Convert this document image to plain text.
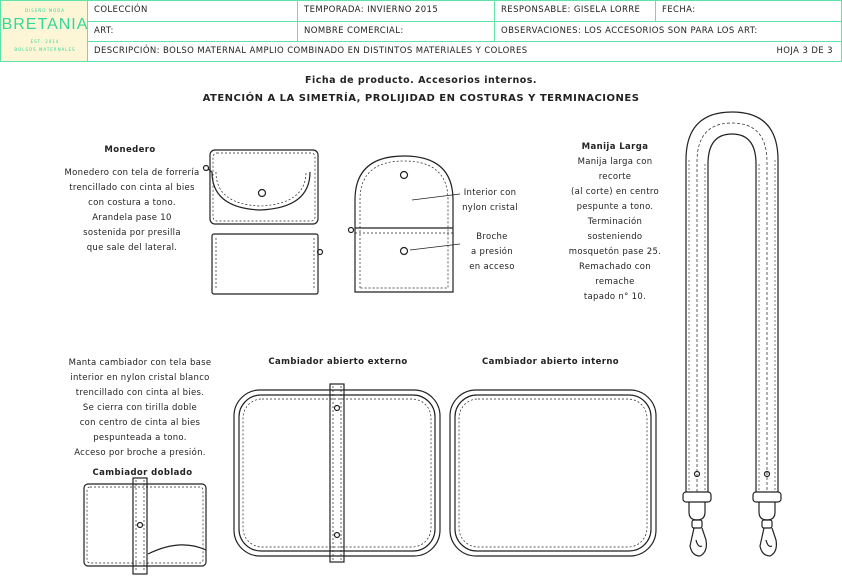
DISEÑO MODA
BRETANIA
EST. 2014
BOLSOS MATERNALES
COLECCIÓN	TEMPORADA: INVIERNO 2015	RESPONSABLE: GISELA LORRE	FECHA:
ART:	NOMBRE COMERCIAL:	OBSERVACIONES: LOS ACCESORIOS SON PARA LOS ART:
DESCRIPCIÓN: BOLSO MATERNAL AMPLIO COMBINADO EN DISTINTOS MATERIALES Y COLORES	HOJA 3 DE 3
Ficha de producto. Accesorios internos.
ATENCIÓN A LA SIMETRÍA, PROLIJIDAD EN COSTURAS Y TERMINACIONES
Monedero
Monedero con tela de forrería
trencillado con cinta al bies
con costura a tono.
Arandela pase 10
sostenida por presilla
que sale del lateral.
Interior con
nylon cristal
Broche
a presión
en acceso
Manija Larga
Manija larga con recorte
(al corte) en centro
pespunte a tono.
Terminación sosteniendo
mosquetón pase 25.
Remachado con remache
tapado n° 10.
Manta cambiador con tela base
interior en nylon cristal blanco
trencillado con cinta al bies.
Se cierra con tirilla doble
con centro de cinta al bies
pespunteada a tono.
Acceso por broche a presión.
Cambiador doblado
Cambiador abierto externo	Cambiador abierto interno
